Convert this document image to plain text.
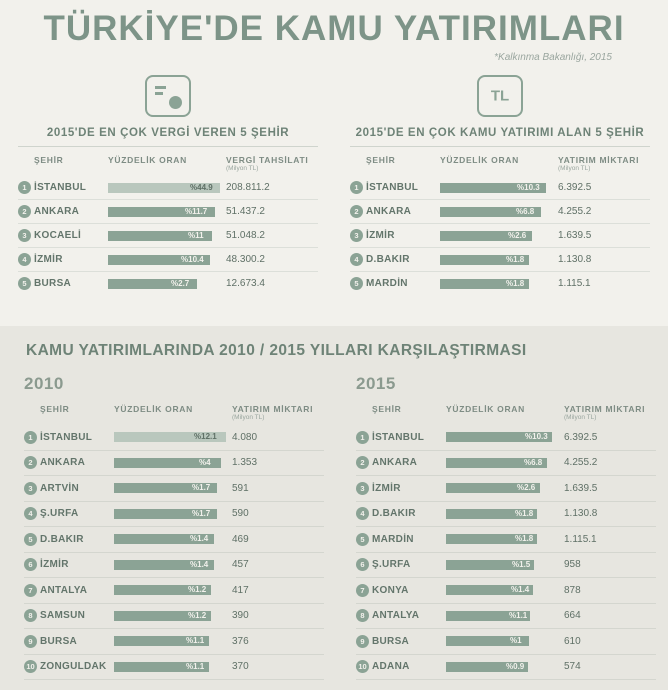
TÜRKİYE'DE KAMU YATIRIMLARI
*Kalkınma Bakanlığı, 2015
2015'DE EN ÇOK VERGİ VEREN 5 ŞEHİR
ŞEHİR	YÜZDELİK ORAN	VERGİ TAHSİLATI
(Milyon TL)
1 İSTANBUL	%44.9 208.811.2
2 ANKARA	%11.7 51.437.2
3 KOCAELİ	%11 51.048.2
4 İZMİR	%10.4 48.300.2
5 BURSA	%2.7	12.673.4
TL
2015'DE EN ÇOK KAMU YATIRIMI ALAN 5 ŞEHİR
ŞEHİR	YÜZDELİK ORAN	YATIRIM MİKTARI
(Milyon TL)
1 İSTANBUL	%10.3 6.392.5
2 ANKARA	%6.8 4.255.2
3 İZMİR	%2.6	1.639.5
4 D.BAKIR	%1.8	1.130.8
5 MARDİN	%1.8	1.115.1
KAMU YATIRIMLARINDA 2010 / 2015 YILLARI KARŞILAŞTIRMASI
2010
ŞEHİR	YÜZDELİK ORAN	YATIRIM MİKTARI
(Milyon TL)
1 İSTANBUL	%12.1 4.080
2 ANKARA	%4 1.353
3 ARTVİN	%1.7 591
4 Ş.URFA	%1.7 590
5 D.BAKIR	%1.4 469
6 İZMİR	%1.4 457
7 ANTALYA	%1.2	417
8 SAMSUN	%1.2	390
9 BURSA	%1.1	376
10 ZONGULDAK	%1.1	370
2015
ŞEHİR	YÜZDELİK ORAN	YATIRIM MİKTARI
(Milyon TL)
1 İSTANBUL	%10.3 6.392.5
2 ANKARA	%6.8 4.255.2
3 İZMİR	%2.6	1.639.5
4 D.BAKIR	%1.8	1.130.8
5 MARDİN	%1.8	1.115.1
6 Ş.URFA	%1.5	958
7 KONYA	%1.4	878
8 ANTALYA	%1.1	664
9 BURSA	%1	610
10 ADANA	%0.9	574
